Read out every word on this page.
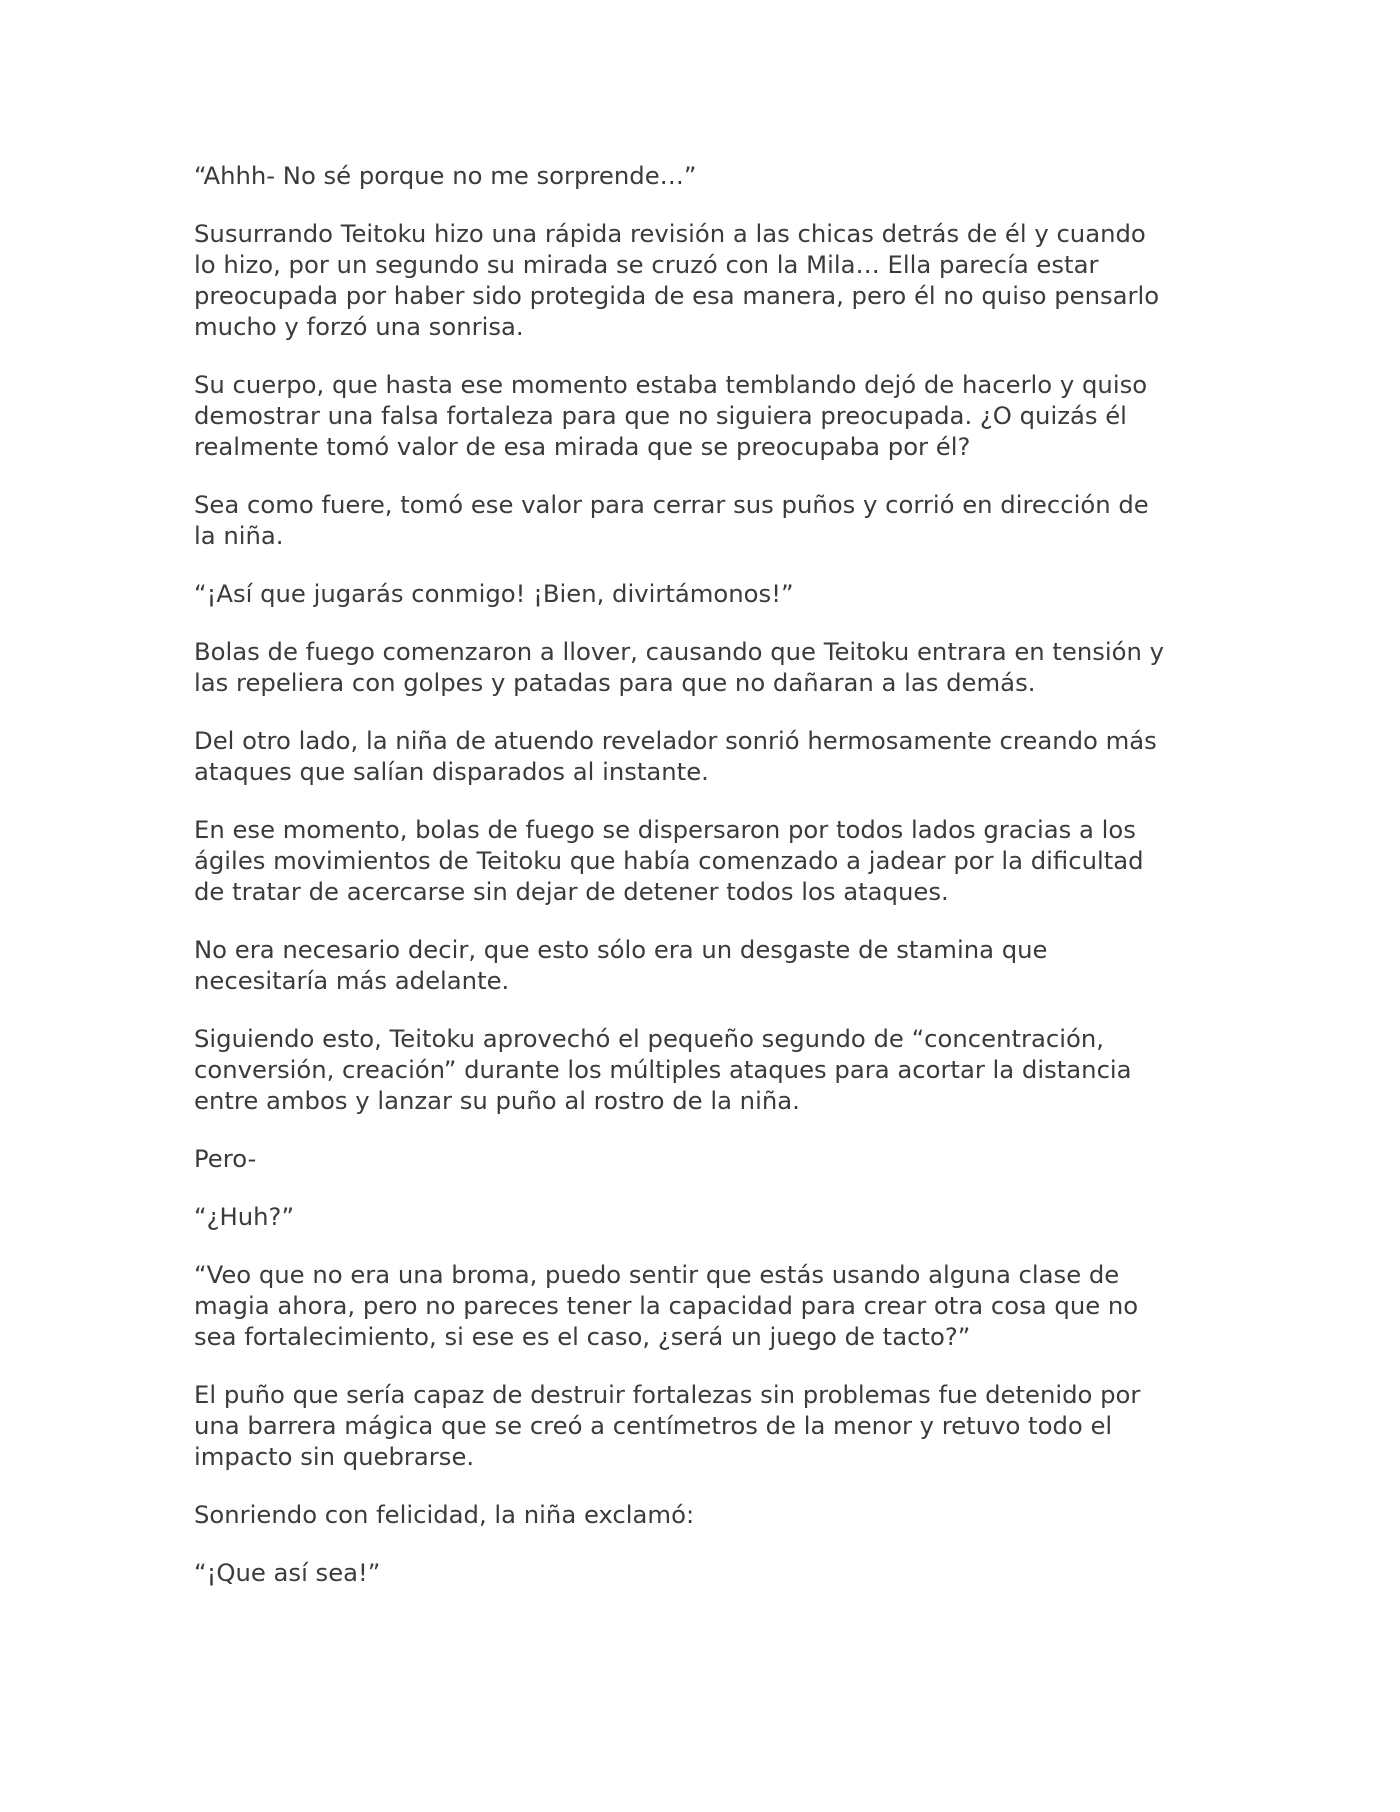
“Ahhh- No sé porque no me sorprende…”

Susurrando Teitoku hizo una rápida revisión a las chicas detrás de él y cuando
lo hizo, por un segundo su mirada se cruzó con la Mila… Ella parecía estar
preocupada por haber sido protegida de esa manera, pero él no quiso pensarlo
mucho y forzó una sonrisa.

Su cuerpo, que hasta ese momento estaba temblando dejó de hacerlo y quiso
demostrar una falsa fortaleza para que no siguiera preocupada. ¿O quizás él
realmente tomó valor de esa mirada que se preocupaba por él?

Sea como fuere, tomó ese valor para cerrar sus puños y corrió en dirección de
la niña.

“¡Así que jugarás conmigo! ¡Bien, divirtámonos!”

Bolas de fuego comenzaron a llover, causando que Teitoku entrara en tensión y
las repeliera con golpes y patadas para que no dañaran a las demás.

Del otro lado, la niña de atuendo revelador sonrió hermosamente creando más
ataques que salían disparados al instante.

En ese momento, bolas de fuego se dispersaron por todos lados gracias a los
ágiles movimientos de Teitoku que había comenzado a jadear por la dificultad
de tratar de acercarse sin dejar de detener todos los ataques.

No era necesario decir, que esto sólo era un desgaste de stamina que
necesitaría más adelante.

Siguiendo esto, Teitoku aprovechó el pequeño segundo de “concentración,
conversión, creación” durante los múltiples ataques para acortar la distancia
entre ambos y lanzar su puño al rostro de la niña.

Pero-

“¿Huh?”

“Veo que no era una broma, puedo sentir que estás usando alguna clase de
magia ahora, pero no pareces tener la capacidad para crear otra cosa que no
sea fortalecimiento, si ese es el caso, ¿será un juego de tacto?”

El puño que sería capaz de destruir fortalezas sin problemas fue detenido por
una barrera mágica que se creó a centímetros de la menor y retuvo todo el
impacto sin quebrarse.

Sonriendo con felicidad, la niña exclamó:

“¡Que así sea!”
